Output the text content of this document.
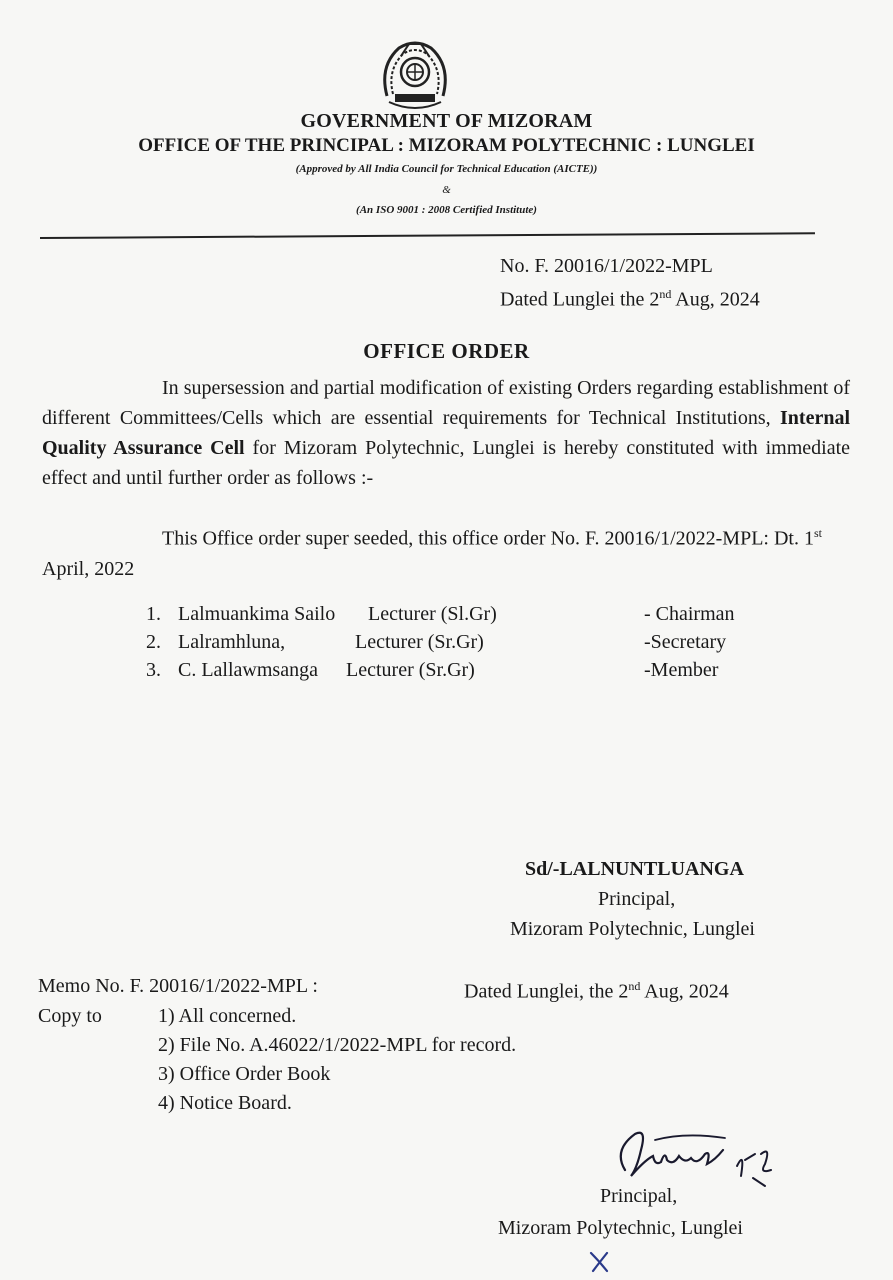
GOVERNMENT OF MIZORAM
OFFICE OF THE PRINCIPAL : MIZORAM POLYTECHNIC : LUNGLEI
(Approved by All India Council for Technical Education (AICTE))
&
(An ISO 9001 : 2008 Certified Institute)
No. F. 20016/1/2022-MPL
Dated Lunglei the 2nd Aug, 2024
OFFICE ORDER

In supersession and partial modification of existing Orders regarding establishment of different Committees/Cells which are essential requirements for Technical Institutions, Internal Quality Assurance Cell for Mizoram Polytechnic, Lunglei is hereby constituted with immediate effect and until further order as follows :-

This Office order super seeded, this office order No. F. 20016/1/2022-MPL: Dt. 1st April, 2022
1. Lalmuankima Sailo Lecturer (Sl.Gr)	- Chairman
2. Lalramhluna,	Lecturer (Sr.Gr)	-Secretary
3. C. Lallawmsanga Lecturer (Sr.Gr)	-Member
Sd/-LALNUNTLUANGA
Principal,
Mizoram Polytechnic, Lunglei
Memo No. F. 20016/1/2022-MPL :	Dated Lunglei, the 2nd Aug, 2024
Copy to	1) All concerned.
2) File No. A.46022/1/2022-MPL for record.
3) Office Order Book
4) Notice Board.
Principal,
Mizoram Polytechnic, Lunglei
